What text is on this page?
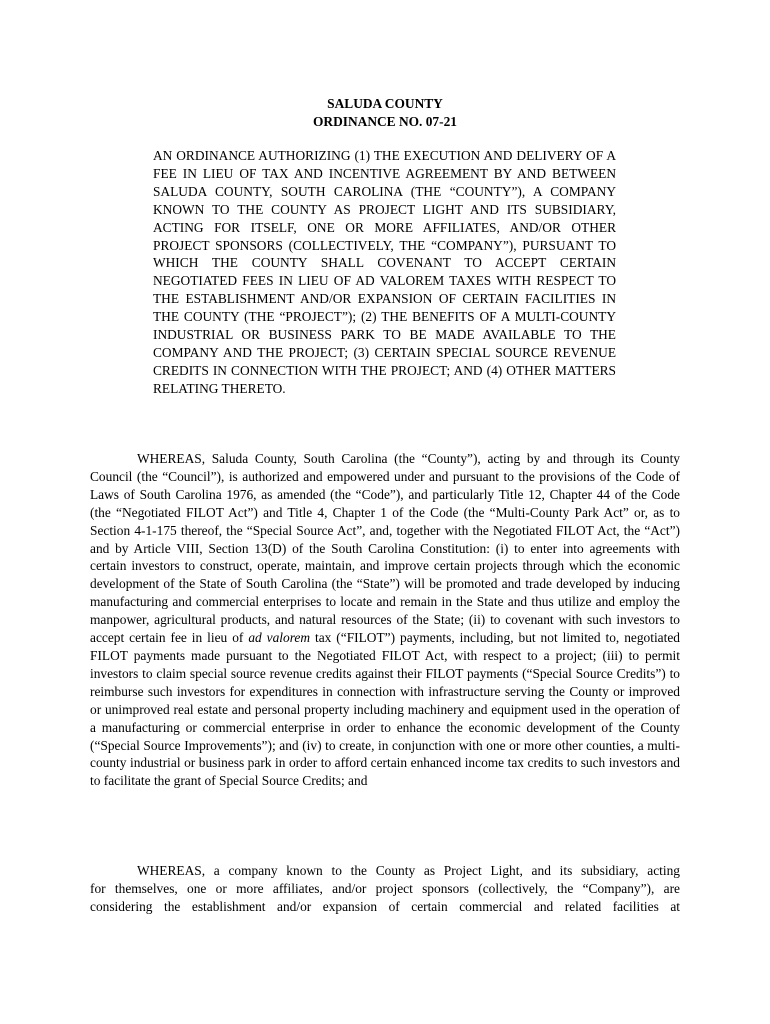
SALUDA COUNTY
ORDINANCE NO. 07-21
AN ORDINANCE AUTHORIZING (1) THE EXECUTION AND DELIVERY OF A FEE IN LIEU OF TAX AND INCENTIVE AGREEMENT BY AND BETWEEN SALUDA COUNTY, SOUTH CAROLINA (THE “COUNTY”), A COMPANY KNOWN TO THE COUNTY AS PROJECT LIGHT AND ITS SUBSIDIARY, ACTING FOR ITSELF, ONE OR MORE AFFILIATES, AND/OR OTHER PROJECT SPONSORS (COLLECTIVELY, THE “COMPANY”), PURSUANT TO WHICH THE COUNTY SHALL COVENANT TO ACCEPT CERTAIN NEGOTIATED FEES IN LIEU OF AD VALOREM TAXES WITH RESPECT TO THE ESTABLISHMENT AND/OR EXPANSION OF CERTAIN FACILITIES IN THE COUNTY (THE “PROJECT”); (2) THE BENEFITS OF A MULTI-COUNTY INDUSTRIAL OR BUSINESS PARK TO BE MADE AVAILABLE TO THE COMPANY AND THE PROJECT; (3) CERTAIN SPECIAL SOURCE REVENUE CREDITS IN CONNECTION WITH THE PROJECT; AND (4) OTHER MATTERS RELATING THERETO.
WHEREAS, Saluda County, South Carolina (the “County”), acting by and through its County Council (the “Council”), is authorized and empowered under and pursuant to the provisions of the Code of Laws of South Carolina 1976, as amended (the “Code”), and particularly Title 12, Chapter 44 of the Code (the “Negotiated FILOT Act”) and Title 4, Chapter 1 of the Code (the “Multi-County Park Act” or, as to Section 4-1-175 thereof, the “Special Source Act”, and, together with the Negotiated FILOT Act, the “Act”) and by Article VIII, Section 13(D) of the South Carolina Constitution: (i) to enter into agreements with certain investors to construct, operate, maintain, and improve certain projects through which the economic development of the State of South Carolina (the “State”) will be promoted and trade developed by inducing manufacturing and commercial enterprises to locate and remain in the State and thus utilize and employ the manpower, agricultural products, and natural resources of the State; (ii) to covenant with such investors to accept certain fee in lieu of ad valorem tax (“FILOT”) payments, including, but not limited to, negotiated FILOT payments made pursuant to the Negotiated FILOT Act, with respect to a project; (iii) to permit investors to claim special source revenue credits against their FILOT payments (“Special Source Credits”) to reimburse such investors for expenditures in connection with infrastructure serving the County or improved or unimproved real estate and personal property including machinery and equipment used in the operation of a manufacturing or commercial enterprise in order to enhance the economic development of the County (“Special Source Improvements”); and (iv) to create, in conjunction with one or more other counties, a multi-county industrial or business park in order to afford certain enhanced income tax credits to such investors and to facilitate the grant of Special Source Credits; and
WHEREAS, a company known to the County as Project Light, and its subsidiary, acting
for themselves, one or more affiliates, and/or project sponsors (collectively, the “Company”), are
considering the establishment and/or expansion of certain commercial and related facilities at
